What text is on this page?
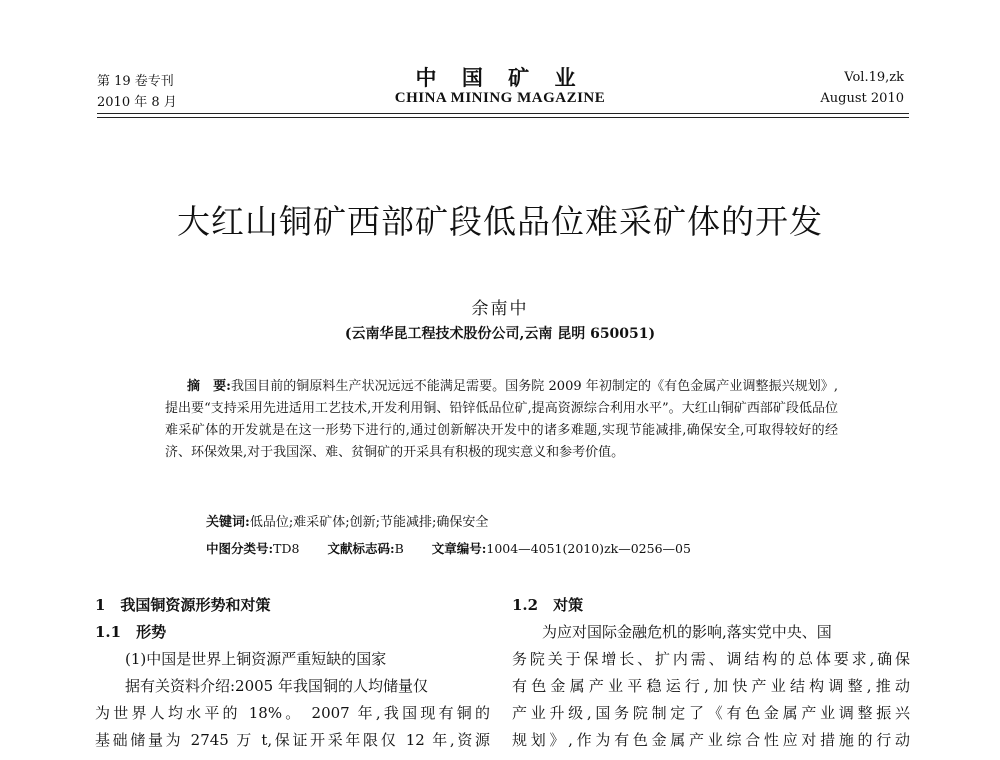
第 19 卷专刊
2010 年 8 月
中 国 矿 业
CHINA MINING MAGAZINE
Vol.19,zk
August 2010
大红山铜矿西部矿段低品位难采矿体的开发
余南中
(云南华昆工程技术股份公司,云南 昆明 650051)
摘　要:我国目前的铜原料生产状况远远不能满足需要。国务院 2009 年初制定的《有色金属产业调整振兴规划》,提出要“支持采用先进适用工艺技术,开发利用铜、铅锌低品位矿,提高资源综合利用水平”。大红山铜矿西部矿段低品位难采矿体的开发就是在这一形势下进行的,通过创新解决开发中的诸多难题,实现节能减排,确保安全,可取得较好的经济、环保效果,对于我国深、难、贫铜矿的开采具有积极的现实意义和参考价值。
关键词:低品位;难采矿体;创新;节能减排;确保安全
中图分类号:TD8 文献标志码:B 文章编号:1004—4051(2010)zk—0256—05
1　我国铜资源形势和对策
1.1　形势
(1)中国是世界上铜资源严重短缺的国家
据有关资料介绍:2005 年我国铜的人均储量仅
为世界人均水平的 18%。 2007 年,我国现有铜的
基础储量为 2745 万 t,保证开采年限仅 12 年,资源
1.2　对策
为应对国际金融危机的影响,落实党中央、国
务院关于保增长、扩内需、调结构的总体要求,确保
有色金属产业平稳运行,加快产业结构调整,推动
产业升级,国务院制定了《有色金属产业调整振兴
规划》,作为有色金属产业综合性应对措施的行动
